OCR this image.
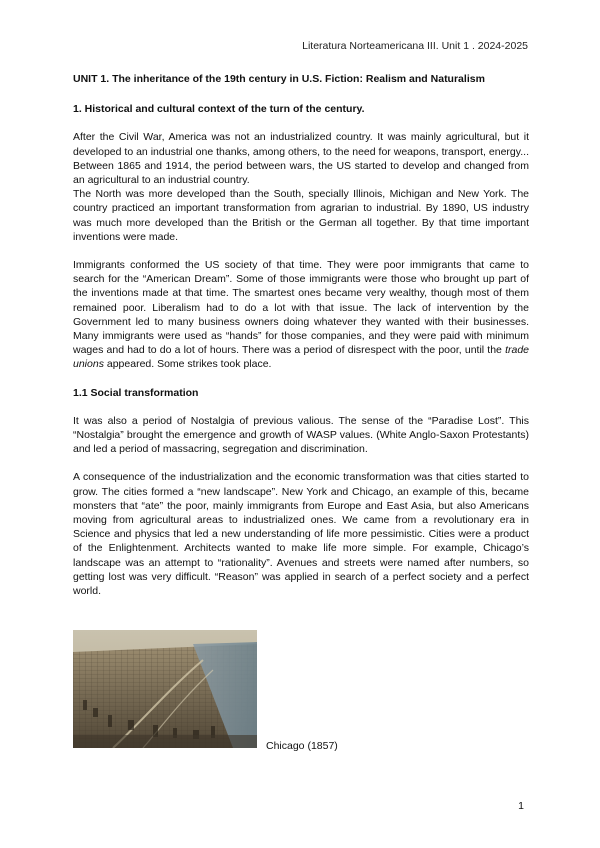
Literatura Norteamericana III. Unit 1 . 2024-2025
UNIT 1. The inheritance of the 19th century in U.S. Fiction: Realism and Naturalism
1. Historical and cultural context of the turn of the century.

After the Civil War, America was not an industrialized country. It was mainly agricultural, but it developed to an industrial one thanks, among others, to the need for weapons, transport, energy... Between 1865 and 1914, the period between wars, the US started to develop and changed from an agricultural to an industrial country.

The North was more developed than the South, specially Illinois, Michigan and New York. The country practiced an important transformation from agrarian to industrial. By 1890, US industry was much more developed than the British or the German all together. By that time important inventions were made.

Immigrants conformed the US society of that time. They were poor immigrants that came to search for the “American Dream”. Some of those immigrants were those who brought up part of the inventions made at that time. The smartest ones became very wealthy, though most of them remained poor. Liberalism had to do a lot with that issue. The lack of intervention by the Government led to many business owners doing whatever they wanted with their businesses. Many immigrants were used as “hands” for those companies, and they were paid with minimum wages and had to do a lot of hours. There was a period of disrespect with the poor, until the trade unions appeared. Some strikes took place.

1.1 Social transformation

It was also a period of Nostalgia of previous valious. The sense of the “Paradise Lost”. This “Nostalgia” brought the emergence and growth of WASP values. (White Anglo-Saxon Protestants) and led a period of massacring, segregation and discrimination.

A consequence of the industrialization and the economic transformation was that cities started to grow. The cities formed a “new landscape”. New York and Chicago, an example of this, became monsters that “ate” the poor, mainly immigrants from Europe and East Asia, but also Americans moving from agricultural areas to industrialized ones. We came from a revolutionary era in Science and physics that led a new understanding of life more pessimistic. Cities were a product of the Enlightenment. Architects wanted to make life more simple. For example, Chicago’s landscape was an attempt to “rationality”. Avenues and streets were named after numbers, so getting lost was very difficult. “Reason” was applied in search of a perfect society and a perfect world.

Chicago (1857)
1
